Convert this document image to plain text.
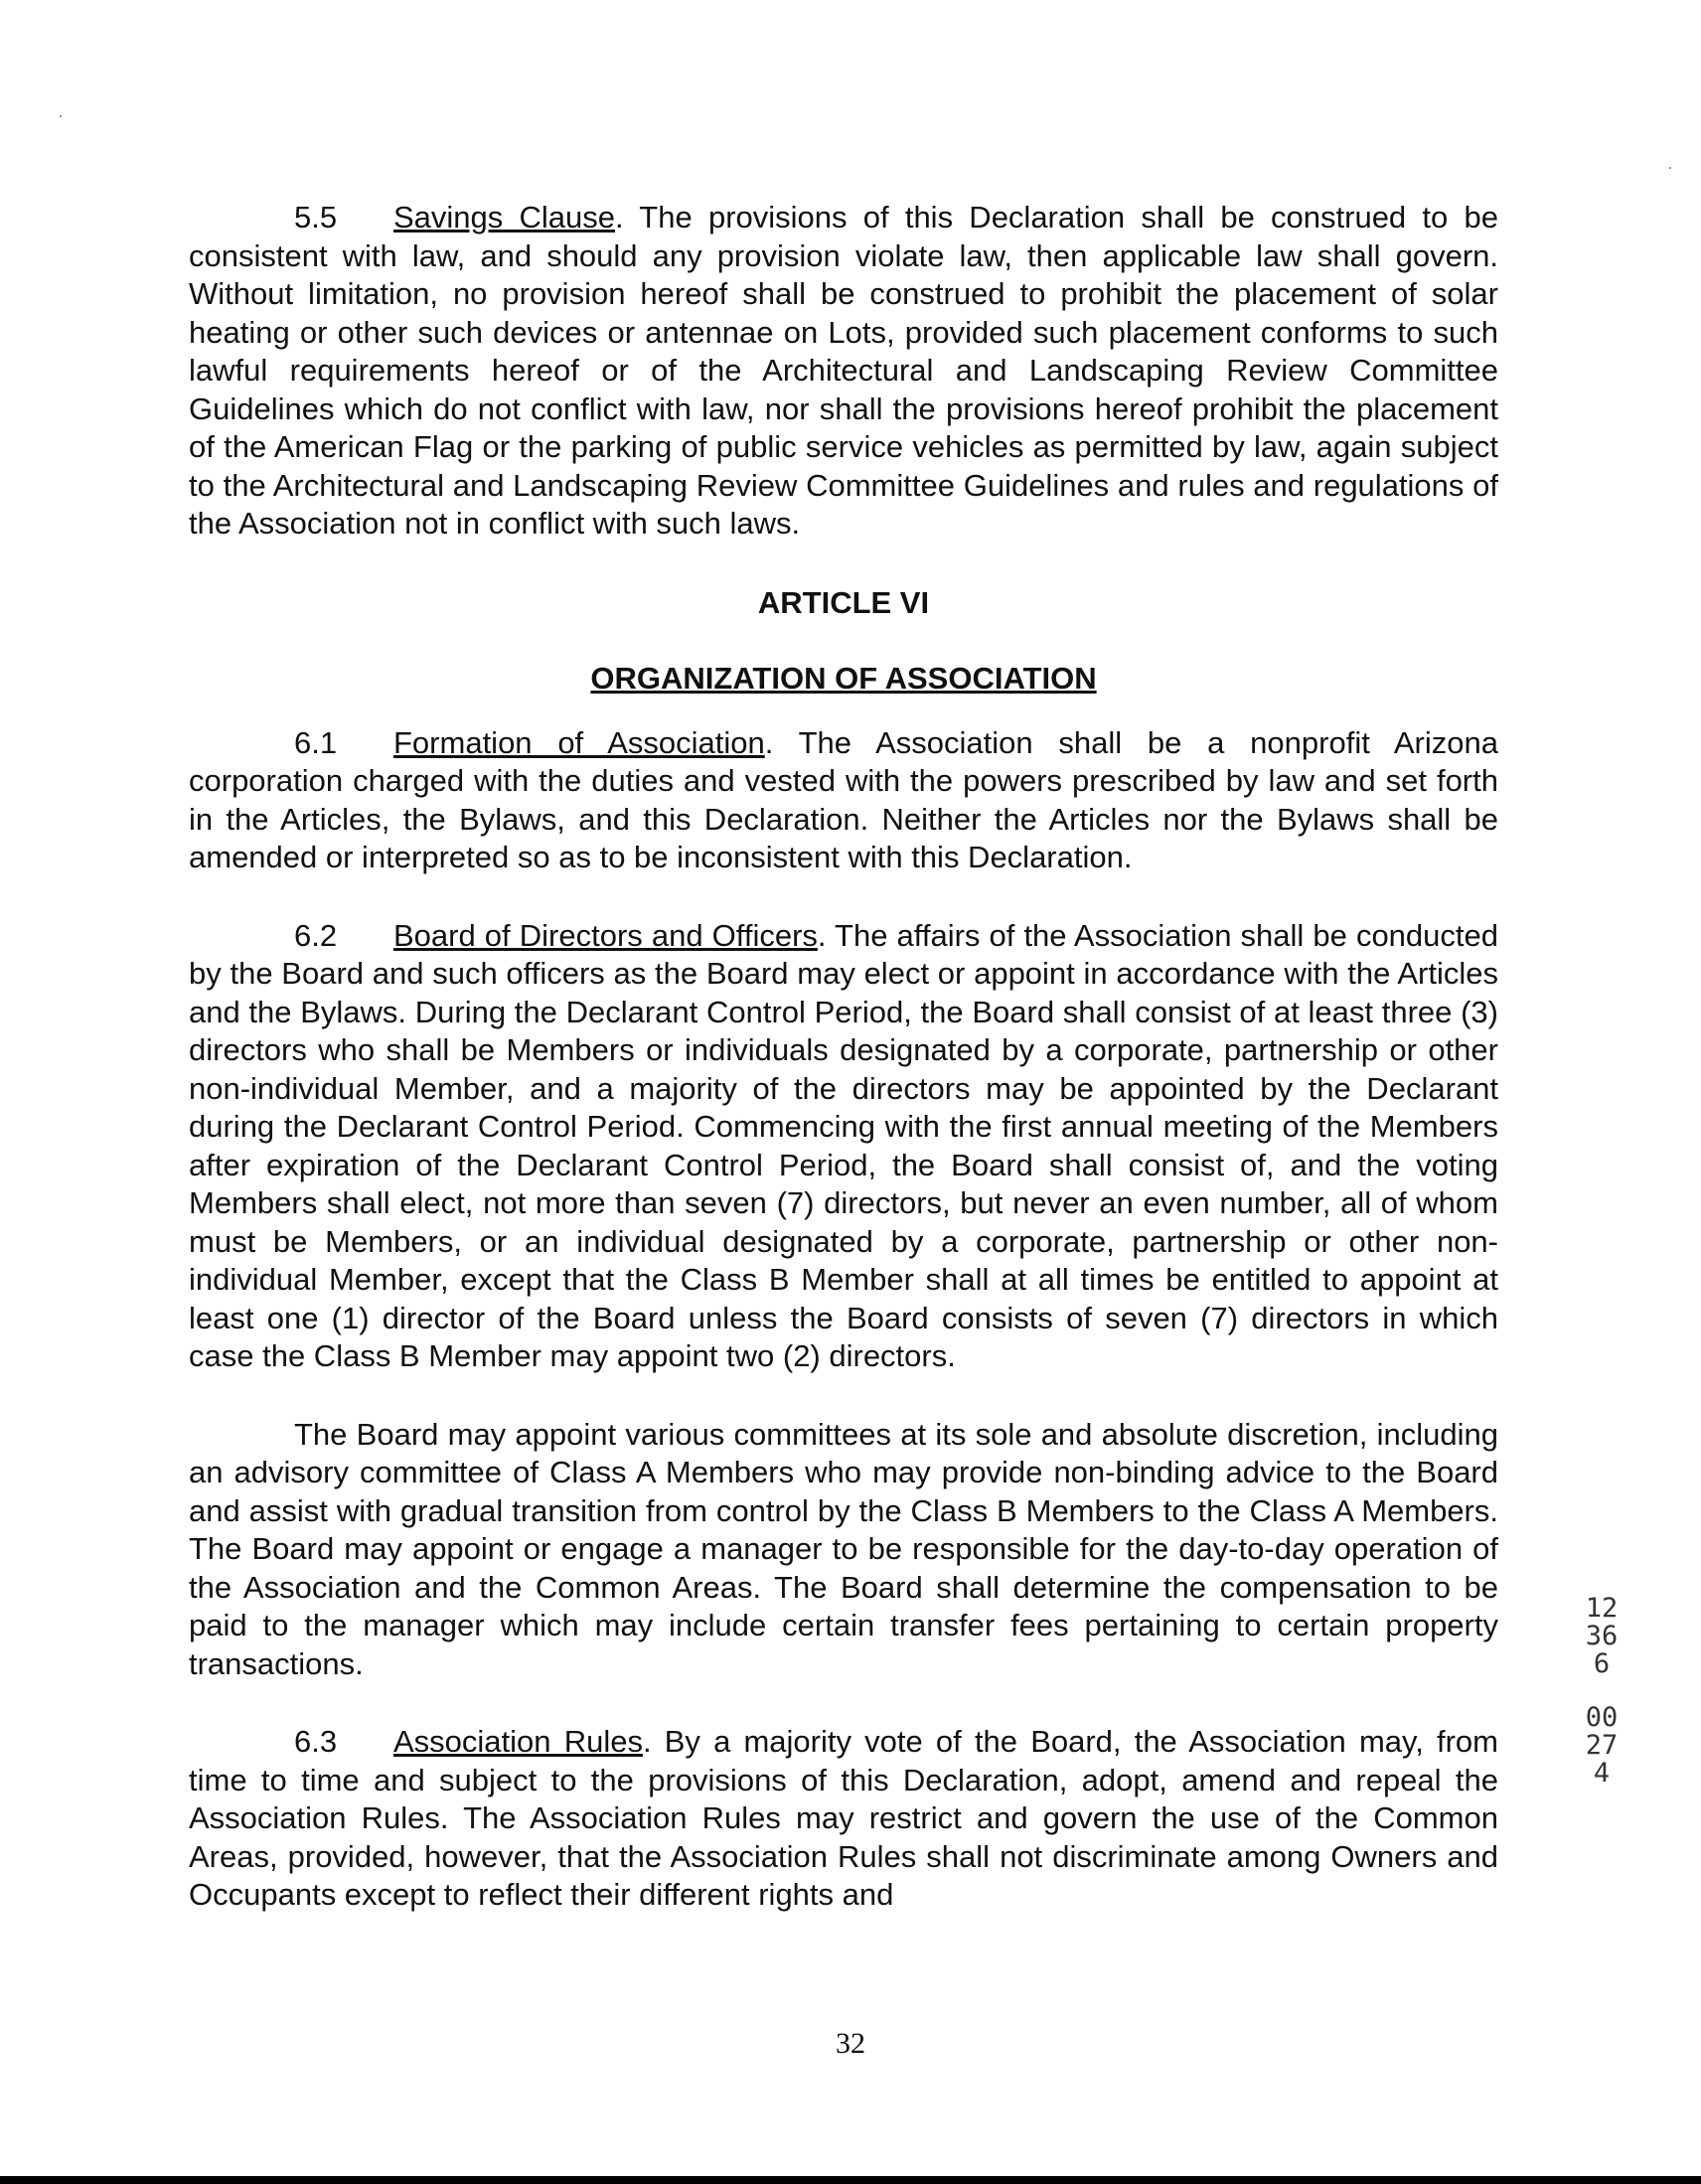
5.5 Savings Clause. The provisions of this Declaration shall be construed to be consistent with law, and should any provision violate law, then applicable law shall govern. Without limitation, no provision hereof shall be construed to prohibit the placement of solar heating or other such devices or antennae on Lots, provided such placement conforms to such lawful requirements hereof or of the Architectural and Landscaping Review Committee Guidelines which do not conflict with law, nor shall the provisions hereof prohibit the placement of the American Flag or the parking of public service vehicles as permitted by law, again subject to the Architectural and Landscaping Review Committee Guidelines and rules and regulations of the Association not in conflict with such laws.

ARTICLE VI
ORGANIZATION OF ASSOCIATION

6.1 Formation of Association. The Association shall be a nonprofit Arizona corporation charged with the duties and vested with the powers prescribed by law and set forth in the Articles, the Bylaws, and this Declaration. Neither the Articles nor the Bylaws shall be amended or interpreted so as to be inconsistent with this Declaration.

6.2 Board of Directors and Officers. The affairs of the Association shall be conducted by the Board and such officers as the Board may elect or appoint in accordance with the Articles and the Bylaws. During the Declarant Control Period, the Board shall consist of at least three (3) directors who shall be Members or individuals designated by a corporate, partnership or other non-individual Member, and a majority of the directors may be appointed by the Declarant during the Declarant Control Period. Commencing with the first annual meeting of the Members after expiration of the Declarant Control Period, the Board shall consist of, and the voting Members shall elect, not more than seven (7) directors, but never an even number, all of whom must be Members, or an individual designated by a corporate, partnership or other non-individual Member, except that the Class B Member shall at all times be entitled to appoint at least one (1) director of the Board unless the Board consists of seven (7) directors in which case the Class B Member may appoint two (2) directors.

The Board may appoint various committees at its sole and absolute discretion, including an advisory committee of Class A Members who may provide non-binding advice to the Board and assist with gradual transition from control by the Class B Members to the Class A Members. The Board may appoint or engage a manager to be responsible for the day-to-day operation of the Association and the Common Areas. The Board shall determine the compensation to be paid to the manager which may include certain transfer fees pertaining to certain property transactions.

6.3 Association Rules. By a majority vote of the Board, the Association may, from time to time and subject to the provisions of this Declaration, adopt, amend and repeal the Association Rules. The Association Rules may restrict and govern the use of the Common Areas, provided, however, that the Association Rules shall not discriminate among Owners and Occupants except to reflect their different rights and

12366
00274
32
